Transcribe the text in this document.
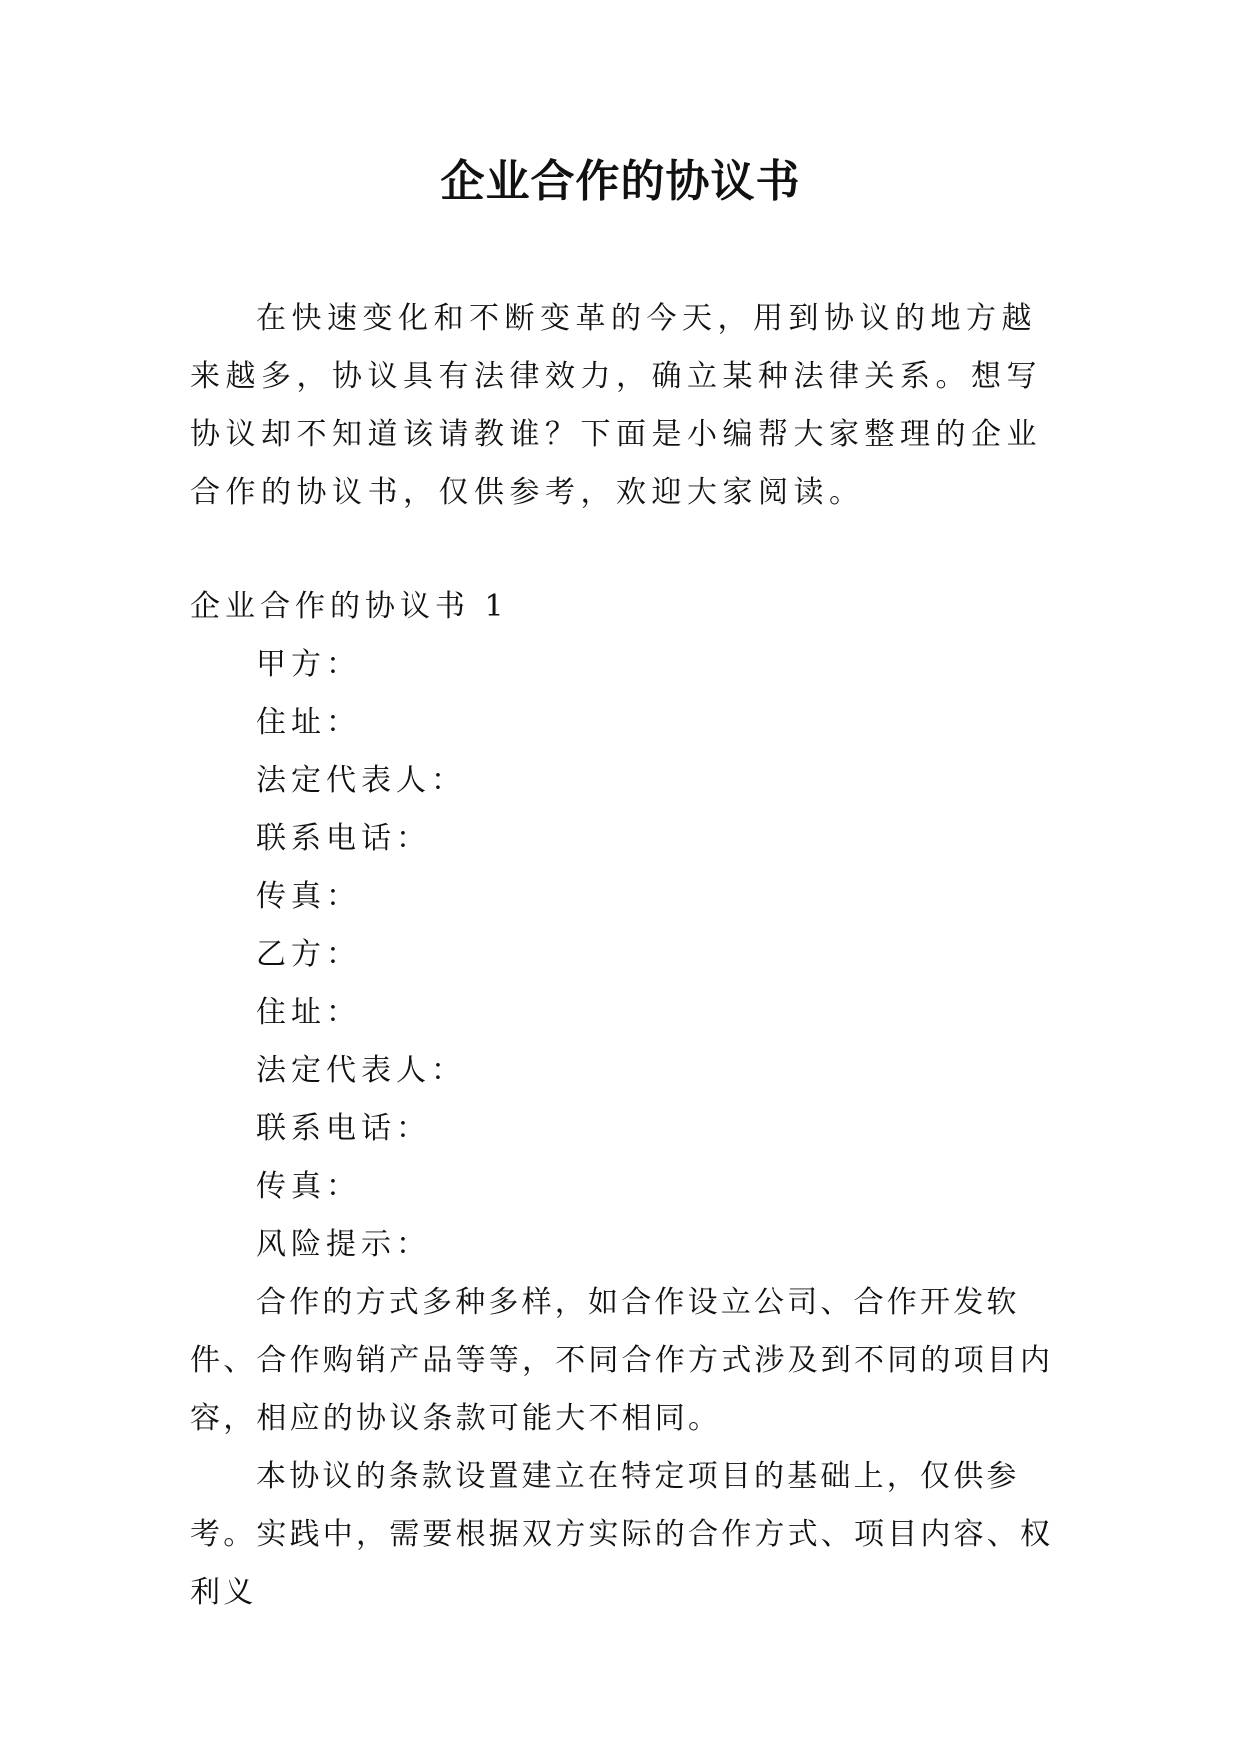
企业合作的协议书

在快速变化和不断变革的今天，用到协议的地方越来越多，协议具有法律效力，确立某种法律关系。想写协议却不知道该请教谁？下面是小编帮大家整理的企业合作的协议书，仅供参考，欢迎大家阅读。

企业合作的协议书 1

甲方：
住址：
法定代表人：
联系电话：
传真：
乙方：
住址：
法定代表人：
联系电话：
传真：
风险提示：

合作的方式多种多样，如合作设立公司、合作开发软件、合作购销产品等等，不同合作方式涉及到不同的项目内容，相应的协议条款可能大不相同。

本协议的条款设置建立在特定项目的基础上，仅供参考。实践中，需要根据双方实际的合作方式、项目内容、权利义
